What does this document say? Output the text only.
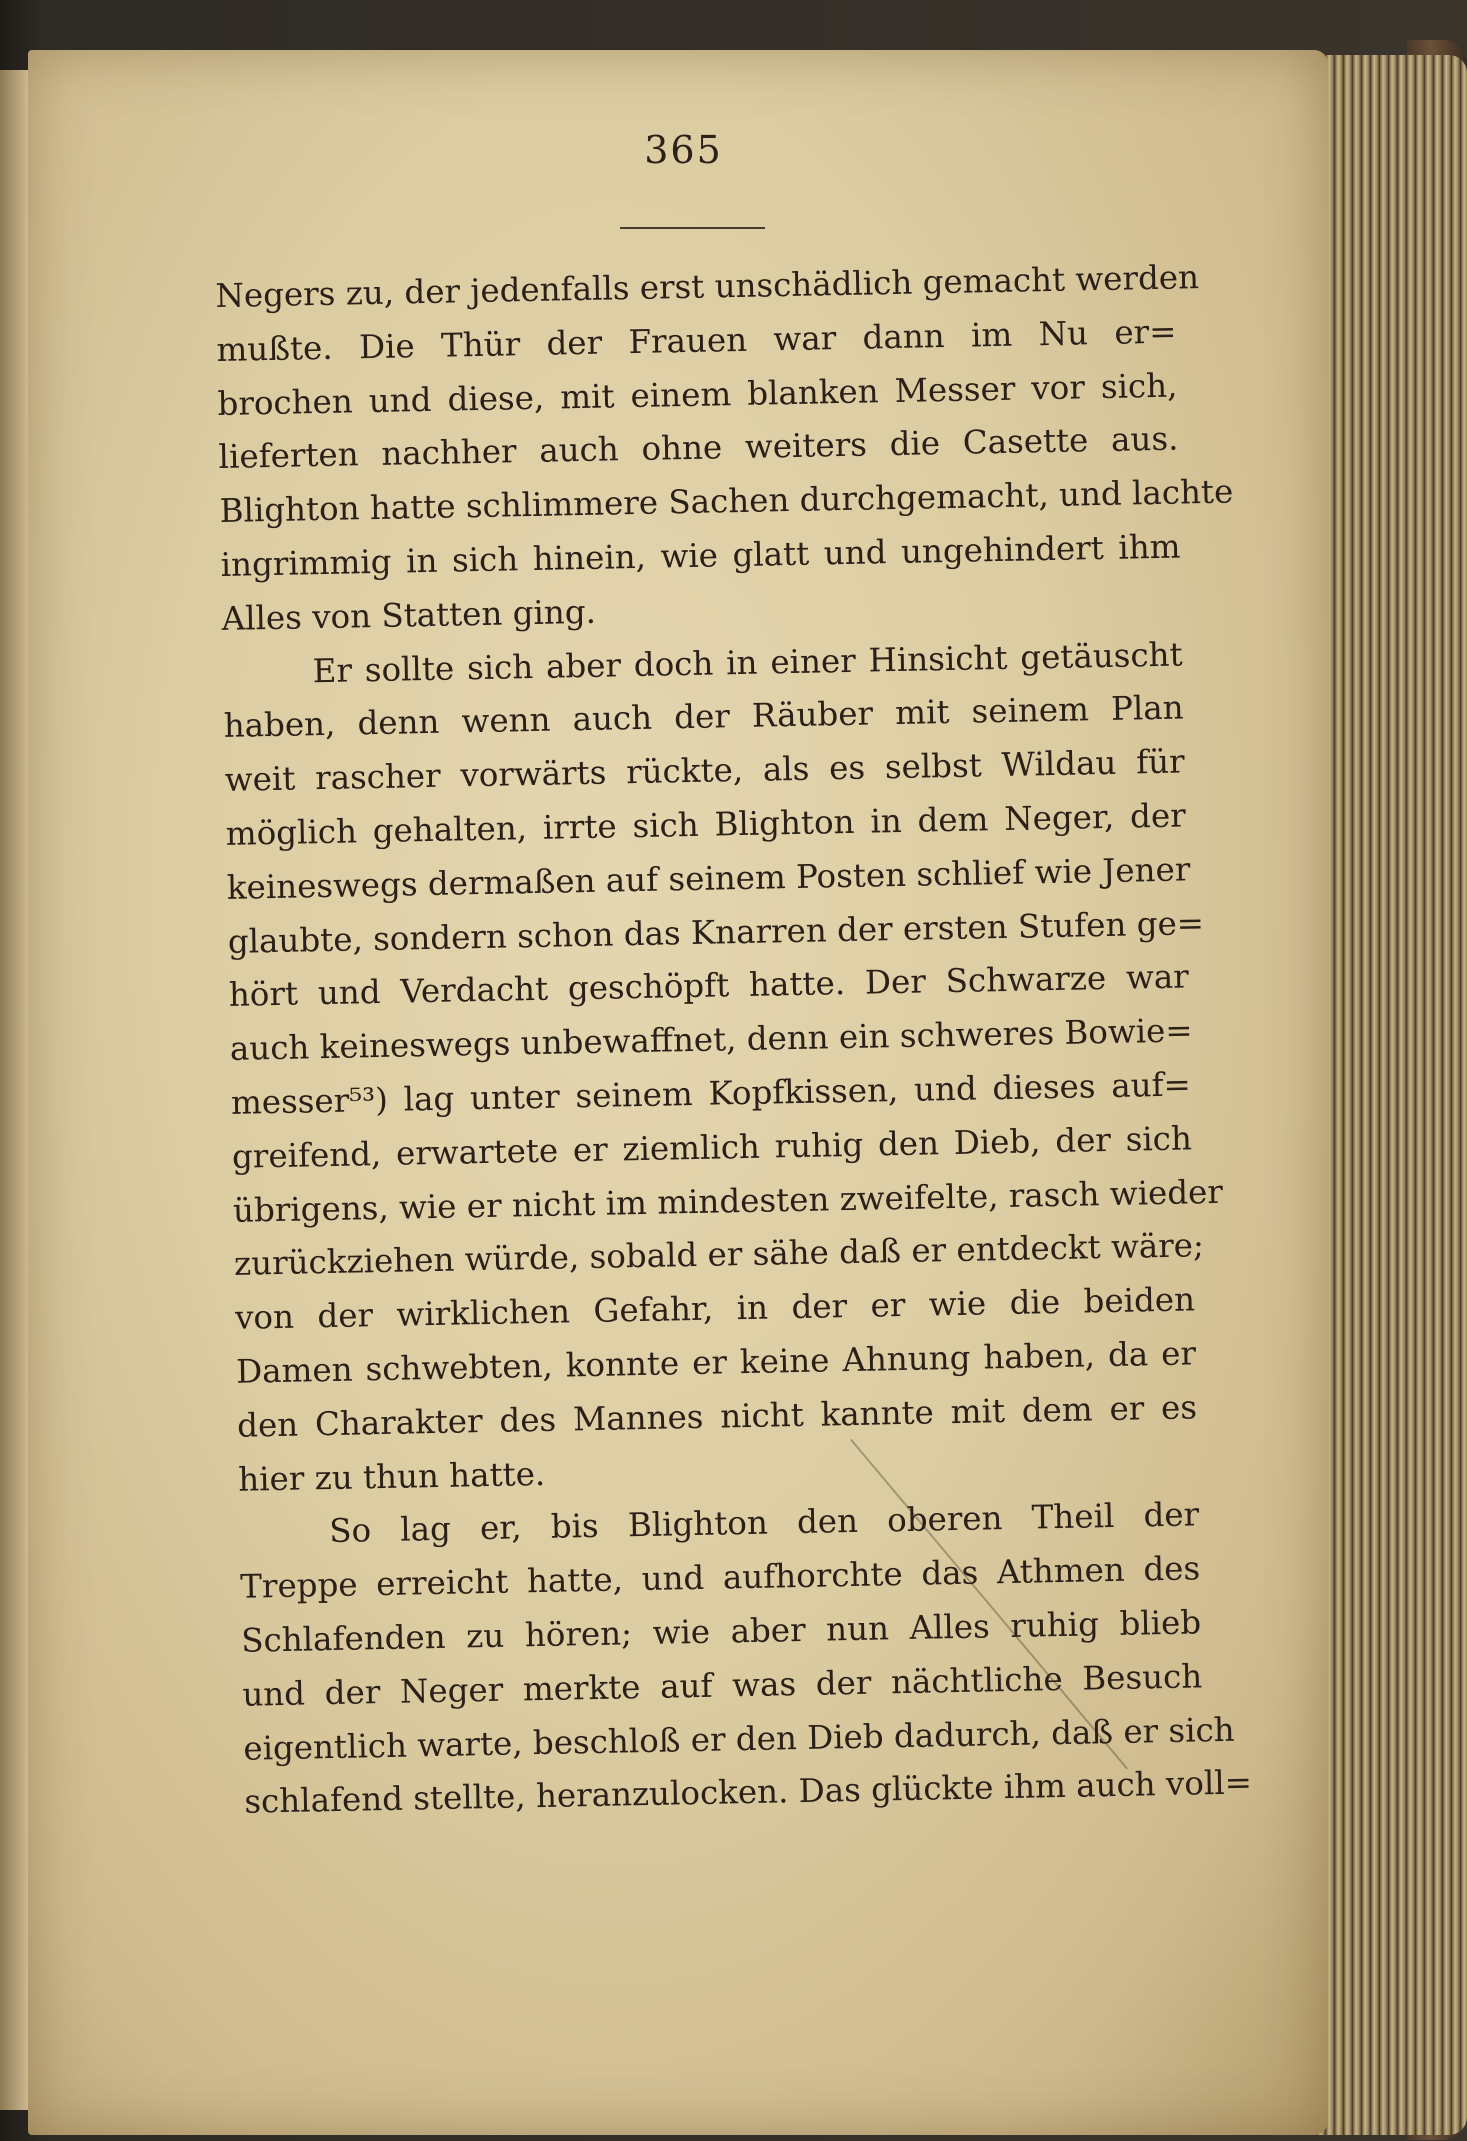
365
Negers zu, der jedenfalls erst unschädlich gemacht werden
mußte. Die Thür der Frauen war dann im Nu er=
brochen und diese, mit einem blanken Messer vor sich,
lieferten nachher auch ohne weiters die Casette aus.
Blighton hatte schlimmere Sachen durchgemacht, und lachte
ingrimmig in sich hinein, wie glatt und ungehindert ihm
Alles von Statten ging.
Er sollte sich aber doch in einer Hinsicht getäuscht
haben, denn wenn auch der Räuber mit seinem Plan
weit rascher vorwärts rückte, als es selbst Wildau für
möglich gehalten, irrte sich Blighton in dem Neger, der
keineswegs dermaßen auf seinem Posten schlief wie Jener
glaubte, sondern schon das Knarren der ersten Stufen ge=
hört und Verdacht geschöpft hatte. Der Schwarze war
auch keineswegs unbewaffnet, denn ein schweres Bowie=
messer⁵³) lag unter seinem Kopfkissen, und dieses auf=
greifend, erwartete er ziemlich ruhig den Dieb, der sich
übrigens, wie er nicht im mindesten zweifelte, rasch wieder
zurückziehen würde, sobald er sähe daß er entdeckt wäre;
von der wirklichen Gefahr, in der er wie die beiden
Damen schwebten, konnte er keine Ahnung haben, da er
den Charakter des Mannes nicht kannte mit dem er es
hier zu thun hatte.
So lag er, bis Blighton den oberen Theil der
Treppe erreicht hatte, und aufhorchte das Athmen des
Schlafenden zu hören; wie aber nun Alles ruhig blieb
und der Neger merkte auf was der nächtliche Besuch
eigentlich warte, beschloß er den Dieb dadurch, daß er sich
schlafend stellte, heranzulocken. Das glückte ihm auch voll=
